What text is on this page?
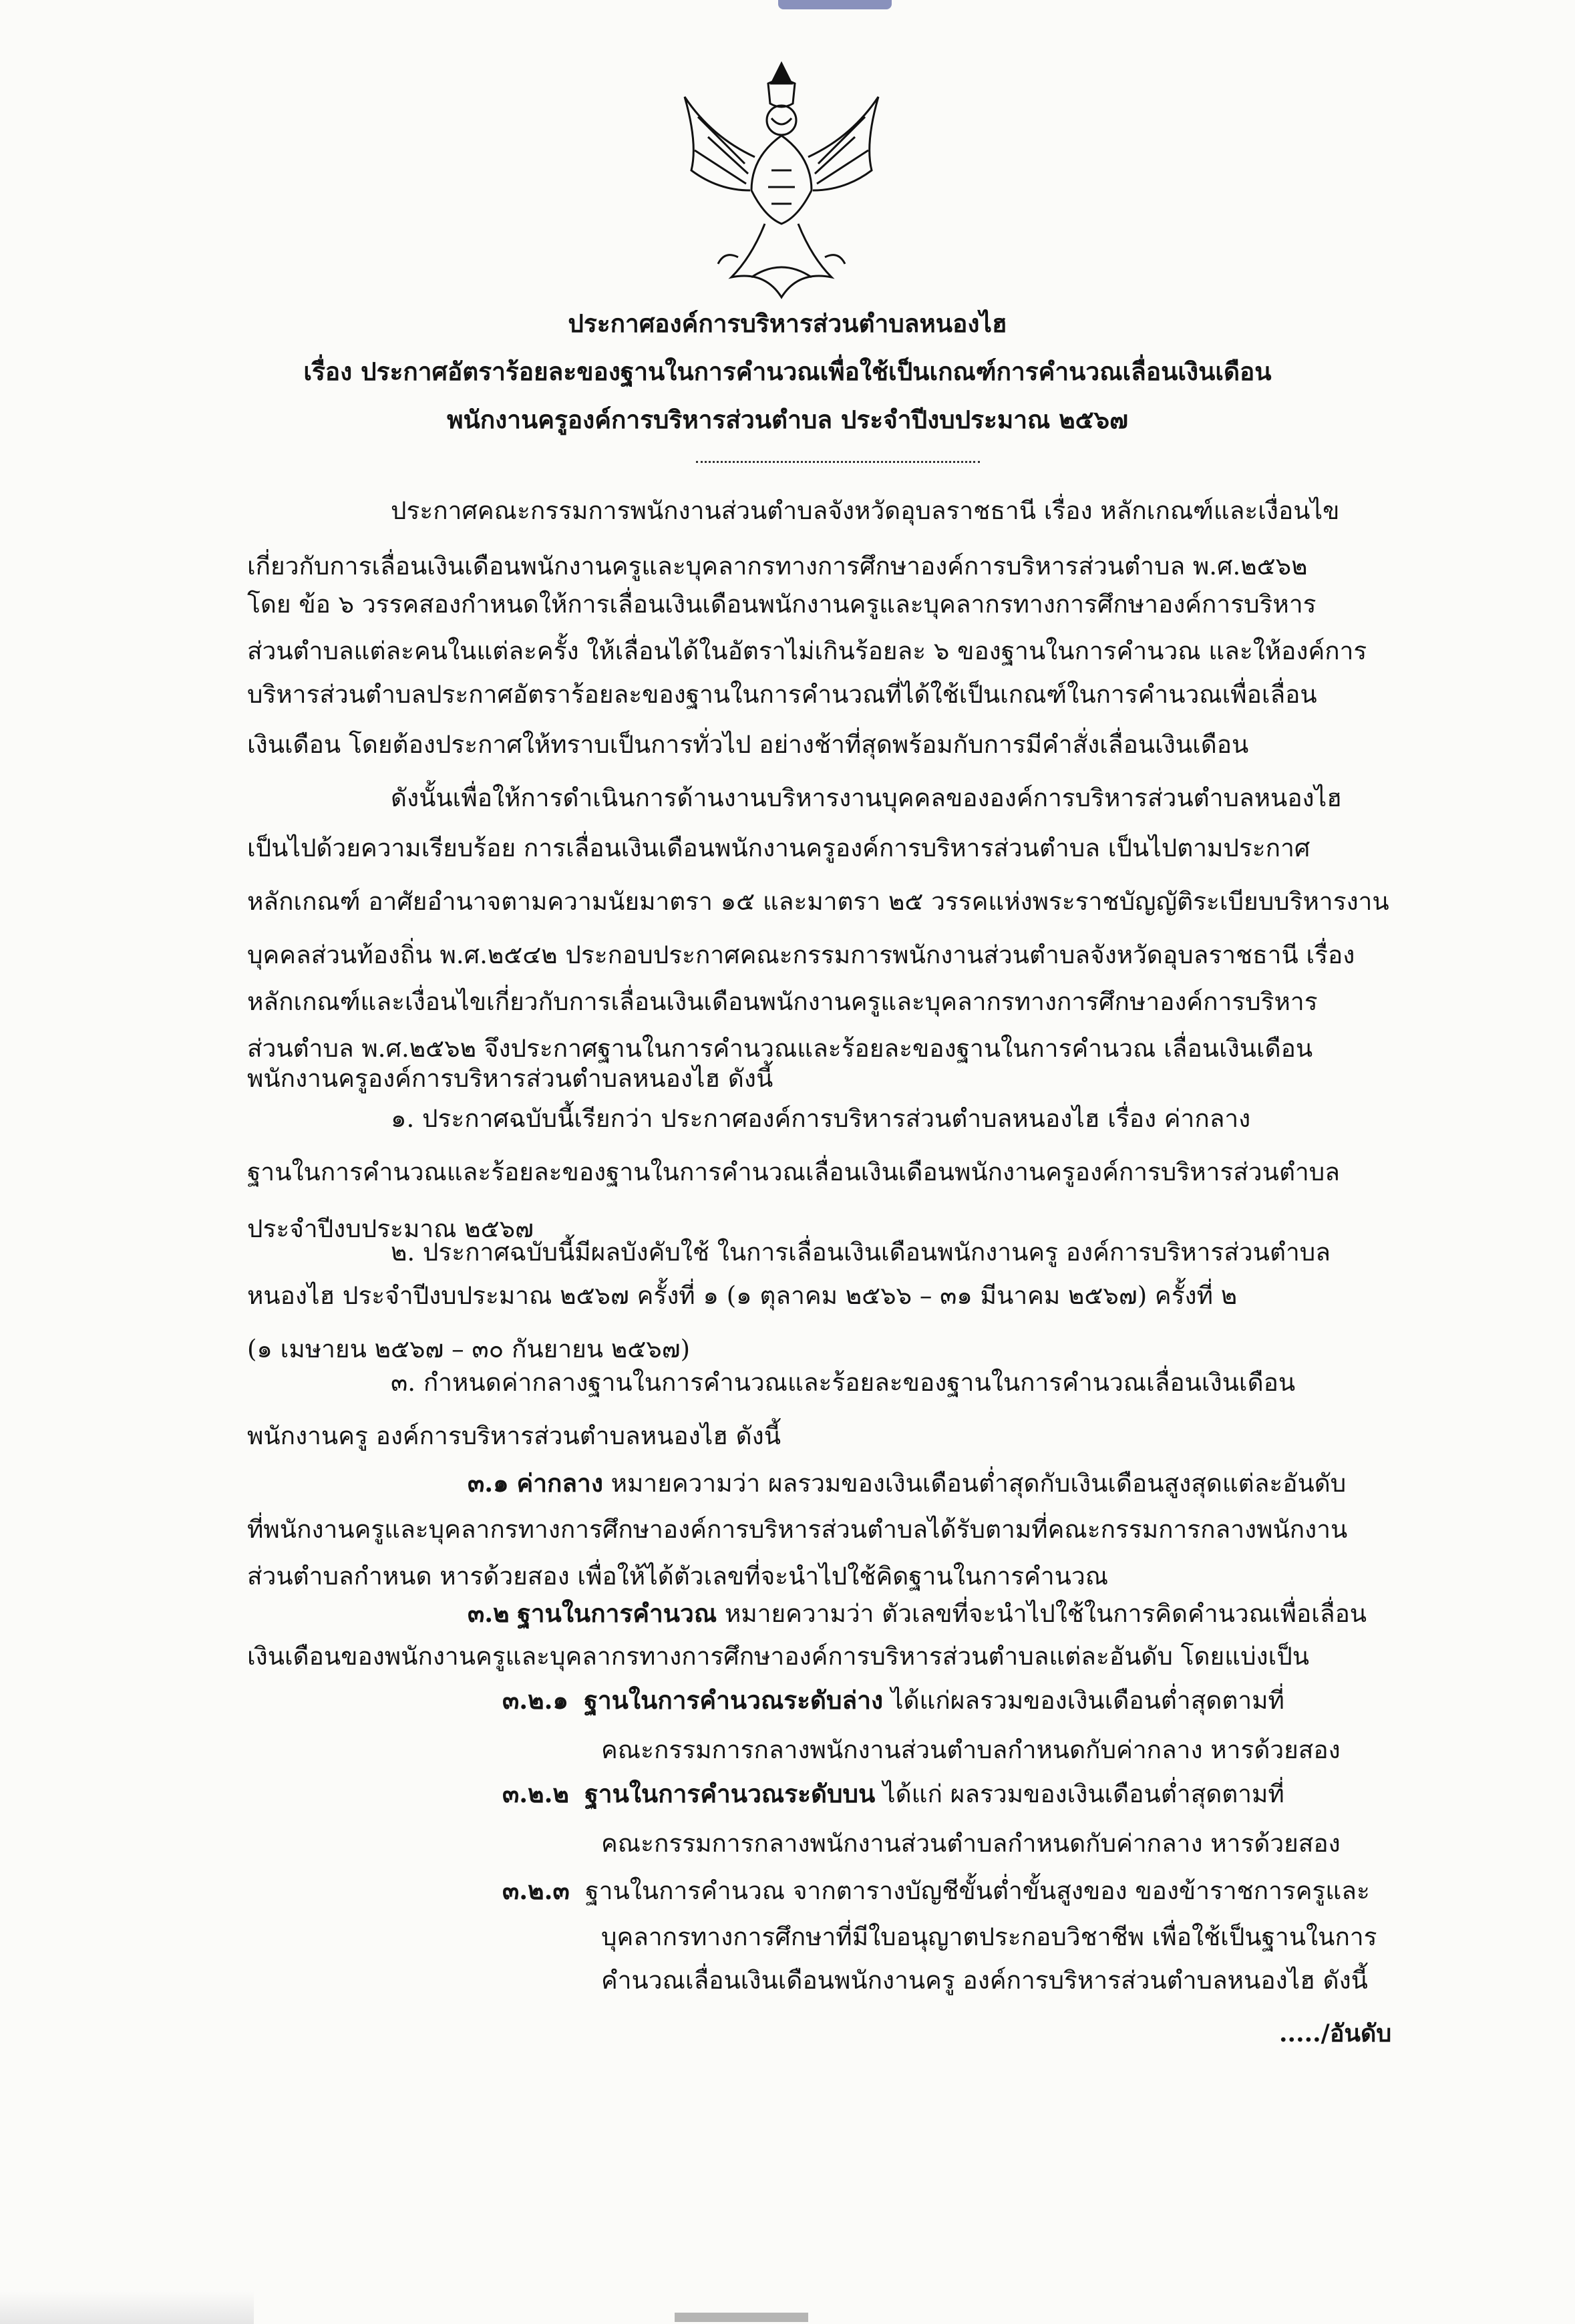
ประกาศองค์การบริหารส่วนตำบลหนองไฮ
เรื่อง ประกาศอัตราร้อยละของฐานในการคำนวณเพื่อใช้เป็นเกณฑ์การคำนวณเลื่อนเงินเดือน
พนักงานครูองค์การบริหารส่วนตำบล ประจำปีงบประมาณ ๒๕๖๗
ประกาศคณะกรรมการพนักงานส่วนตำบลจังหวัดอุบลราชธานี เรื่อง หลักเกณฑ์และเงื่อนไข
เกี่ยวกับการเลื่อนเงินเดือนพนักงานครูและบุคลากรทางการศึกษาองค์การบริหารส่วนตำบล พ.ศ.๒๕๖๒
โดย ข้อ ๖ วรรคสองกำหนดให้การเลื่อนเงินเดือนพนักงานครูและบุคลากรทางการศึกษาองค์การบริหาร
ส่วนตำบลแต่ละคนในแต่ละครั้ง ให้เลื่อนได้ในอัตราไม่เกินร้อยละ ๖ ของฐานในการคำนวณ และให้องค์การ
บริหารส่วนตำบลประกาศอัตราร้อยละของฐานในการคำนวณที่ได้ใช้เป็นเกณฑ์ในการคำนวณเพื่อเลื่อน
เงินเดือน โดยต้องประกาศให้ทราบเป็นการทั่วไป อย่างช้าที่สุดพร้อมกับการมีคำสั่งเลื่อนเงินเดือน
ดังนั้นเพื่อให้การดำเนินการด้านงานบริหารงานบุคคลขององค์การบริหารส่วนตำบลหนองไฮ
เป็นไปด้วยความเรียบร้อย การเลื่อนเงินเดือนพนักงานครูองค์การบริหารส่วนตำบล เป็นไปตามประกาศ
หลักเกณฑ์ อาศัยอำนาจตามความนัยมาตรา ๑๕ และมาตรา ๒๕ วรรคแห่งพระราชบัญญัติระเบียบบริหารงาน
บุคคลส่วนท้องถิ่น พ.ศ.๒๕๔๒ ประกอบประกาศคณะกรรมการพนักงานส่วนตำบลจังหวัดอุบลราชธานี เรื่อง
หลักเกณฑ์และเงื่อนไขเกี่ยวกับการเลื่อนเงินเดือนพนักงานครูและบุคลากรทางการศึกษาองค์การบริหาร
ส่วนตำบล พ.ศ.๒๕๖๒ จึงประกาศฐานในการคำนวณและร้อยละของฐานในการคำนวณ เลื่อนเงินเดือน
พนักงานครูองค์การบริหารส่วนตำบลหนองไฮ ดังนี้
๑. ประกาศฉบับนี้เรียกว่า ประกาศองค์การบริหารส่วนตำบลหนองไฮ เรื่อง ค่ากลาง
ฐานในการคำนวณและร้อยละของฐานในการคำนวณเลื่อนเงินเดือนพนักงานครูองค์การบริหารส่วนตำบล
ประจำปีงบประมาณ ๒๕๖๗
๒. ประกาศฉบับนี้มีผลบังคับใช้ ในการเลื่อนเงินเดือนพนักงานครู องค์การบริหารส่วนตำบล
หนองไฮ ประจำปีงบประมาณ ๒๕๖๗ ครั้งที่ ๑ (๑ ตุลาคม ๒๕๖๖ – ๓๑ มีนาคม ๒๕๖๗) ครั้งที่ ๒
(๑ เมษายน ๒๕๖๗ – ๓๐ กันยายน ๒๕๖๗)
๓. กำหนดค่ากลางฐานในการคำนวณและร้อยละของฐานในการคำนวณเลื่อนเงินเดือน
พนักงานครู องค์การบริหารส่วนตำบลหนองไฮ ดังนี้
๓.๑ ค่ากลาง หมายความว่า ผลรวมของเงินเดือนต่ำสุดกับเงินเดือนสูงสุดแต่ละอันดับ
ที่พนักงานครูและบุคลากรทางการศึกษาองค์การบริหารส่วนตำบลได้รับตามที่คณะกรรมการกลางพนักงาน
ส่วนตำบลกำหนด หารด้วยสอง เพื่อให้ได้ตัวเลขที่จะนำไปใช้คิดฐานในการคำนวณ
๓.๒ ฐานในการคำนวณ หมายความว่า ตัวเลขที่จะนำไปใช้ในการคิดคำนวณเพื่อเลื่อน
เงินเดือนของพนักงานครูและบุคลากรทางการศึกษาองค์การบริหารส่วนตำบลแต่ละอันดับ โดยแบ่งเป็น
๓.๒.๑ ฐานในการคำนวณระดับล่าง ได้แก่ผลรวมของเงินเดือนต่ำสุดตามที่
คณะกรรมการกลางพนักงานส่วนตำบลกำหนดกับค่ากลาง หารด้วยสอง
๓.๒.๒ ฐานในการคำนวณระดับบน ได้แก่ ผลรวมของเงินเดือนต่ำสุดตามที่
คณะกรรมการกลางพนักงานส่วนตำบลกำหนดกับค่ากลาง หารด้วยสอง
๓.๒.๓ ฐานในการคำนวณ จากตารางบัญชีขั้นต่ำขั้นสูงของ ของข้าราชการครูและ
บุคลากรทางการศึกษาที่มีใบอนุญาตประกอบวิชาชีพ เพื่อใช้เป็นฐานในการ
คำนวณเลื่อนเงินเดือนพนักงานครู องค์การบริหารส่วนตำบลหนองไฮ ดังนี้
...../อันดับ
